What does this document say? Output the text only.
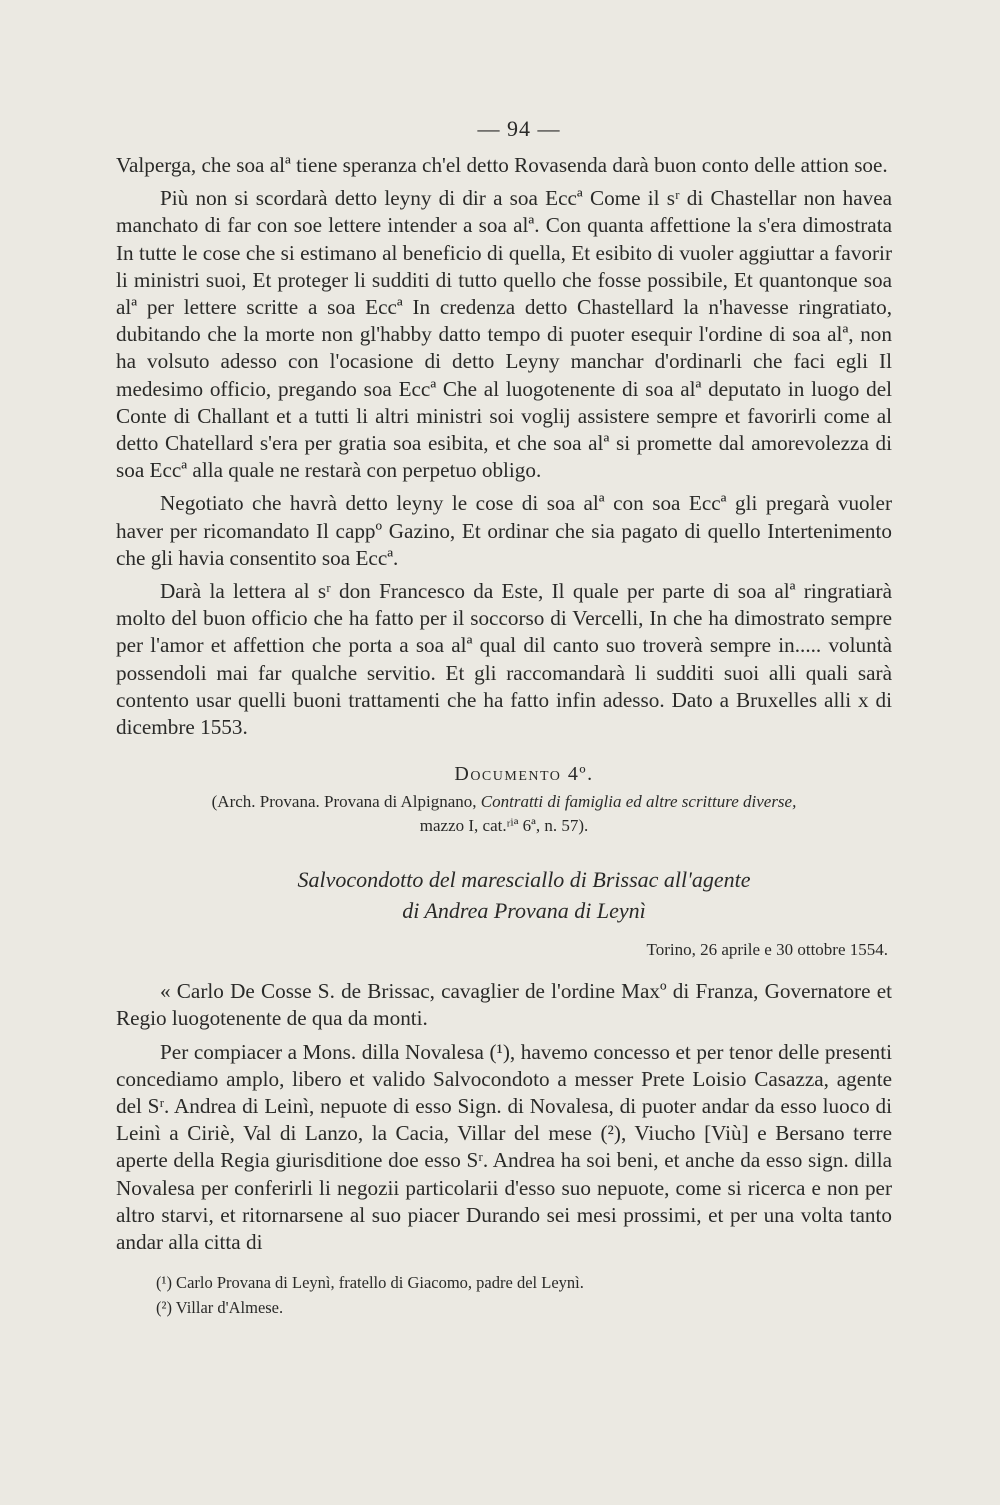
— 94 —

Valperga, che soa alª tiene speranza ch'el detto Rovasenda darà buon conto delle attion soe.

Più non si scordarà detto leyny di dir a soa Eccª Come il sʳ di Chastellar non havea manchato di far con soe lettere intender a soa alª. Con quanta affettione la s'era dimostrata In tutte le cose che si estimano al beneficio di quella, Et esibito di vuoler aggiuttar a favorir li ministri suoi, Et proteger li sudditi di tutto quello che fosse possibile, Et quantonque soa alª per lettere scritte a soa Eccª In credenza detto Chastellard la n'havesse ringratiato, dubitando che la morte non gl'habby datto tempo di puoter esequir l'ordine di soa alª, non ha volsuto adesso con l'ocasione di detto Leyny manchar d'ordinarli che faci egli Il medesimo officio, pregando soa Eccª Che al luogotenente di soa alª deputato in luogo del Conte di Challant et a tutti li altri ministri soi voglij assistere sempre et favorirli come al detto Chatellard s'era per gratia soa esibita, et che soa alª si promette dal amorevolezza di soa Eccª alla quale ne restarà con perpetuo obligo.

Negotiato che havrà detto leyny le cose di soa alª con soa Eccª gli pregarà vuoler haver per ricomandato Il cappº Gazino, Et ordinar che sia pagato di quello Intertenimento che gli havia consentito soa Eccª.

Darà la lettera al sʳ don Francesco da Este, Il quale per parte di soa alª ringratiarà molto del buon officio che ha fatto per il soccorso di Vercelli, In che ha dimostrato sempre per l'amor et affettion che porta a soa alª qual dil canto suo troverà sempre in..... voluntà possendoli mai far qualche servitio. Et gli raccomandarà li sudditi suoi alli quali sarà contento usar quelli buoni trattamenti che ha fatto infin adesso. Dato a Bruxelles alli x di dicembre 1553.

Documento 4º.

(Arch. Provana. Provana di Alpignano, Contratti di famiglia ed altre scritture diverse,

mazzo I, cat.ʳⁱª 6ª, n. 57).

Salvocondotto del maresciallo di Brissac all'agente
di Andrea Provana di Leynì
Torino, 26 aprile e 30 ottobre 1554.

« Carlo De Cosse S. de Brissac, cavaglier de l'ordine Maxº di Franza, Governatore et Regio luogotenente de qua da monti.

Per compiacer a Mons. dilla Novalesa (¹), havemo concesso et per tenor delle presenti concediamo amplo, libero et valido Salvocondoto a messer Prete Loisio Casazza, agente del Sʳ. Andrea di Leinì, nepuote di esso Sign. di Novalesa, di puoter andar da esso luoco di Leinì a Ciriè, Val di Lanzo, la Cacia, Villar del mese (²), Viucho [Viù] e Bersano terre aperte della Regia giurisditione doe esso Sʳ. Andrea ha soi beni, et anche da esso sign. dilla Novalesa per conferirli li negozii particolarii d'esso suo nepuote, come si ricerca e non per altro starvi, et ritornarsene al suo piacer Durando sei mesi prossimi, et per una volta tanto andar alla citta di

(¹) Carlo Provana di Leynì, fratello di Giacomo, padre del Leynì.
(²) Villar d'Almese.
